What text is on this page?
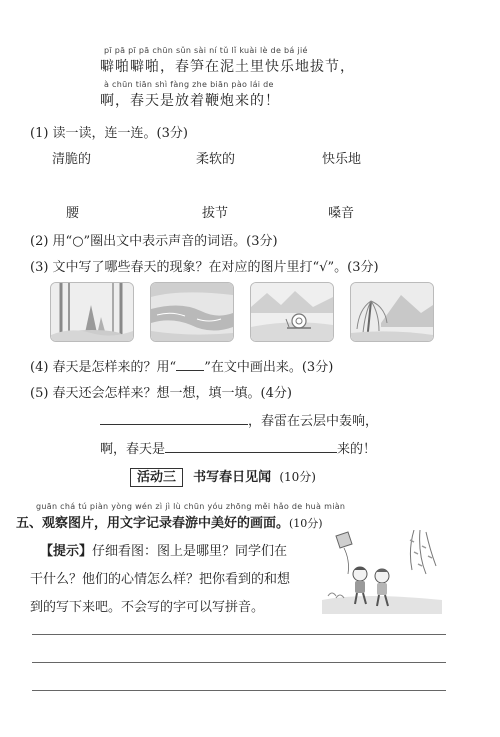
pī pā pī pā chūn sǔn sài ní tǔ lǐ kuài lè de bá jié
噼啪噼啪，春笋在泥土里快乐地拔节，
à chūn tiān shì fàng zhe biān pào lái de
啊，春天是放着鞭炮来的！
(1) 读一读，连一连。(3分)
清脆的	柔软的	快乐地
腰	拔节	嗓音
(2) 用“○”圈出文中表示声音的词语。(3分)
(3) 文中写了哪些春天的现象？在对应的图片里打“√”。(3分)
(4) 春天是怎样来的？用“ ”在文中画出来。(3分)
(5) 春天还会怎样来？想一想，填一填。(4分)
，春雷在云层中轰响，
啊，春天是	来的！
活动三 书写春日见闻 (10分)
guān chá tú piàn yòng wén zì jì lù chūn yóu zhōng měi hǎo de huà miàn
五、观察图片，用文字记录春游中美好的画面。(10分)
【提示】仔细看图：图上是哪里？同学们在
干什么？他们的心情怎么样？把你看到的和想
到的写下来吧。不会写的字可以写拼音。
